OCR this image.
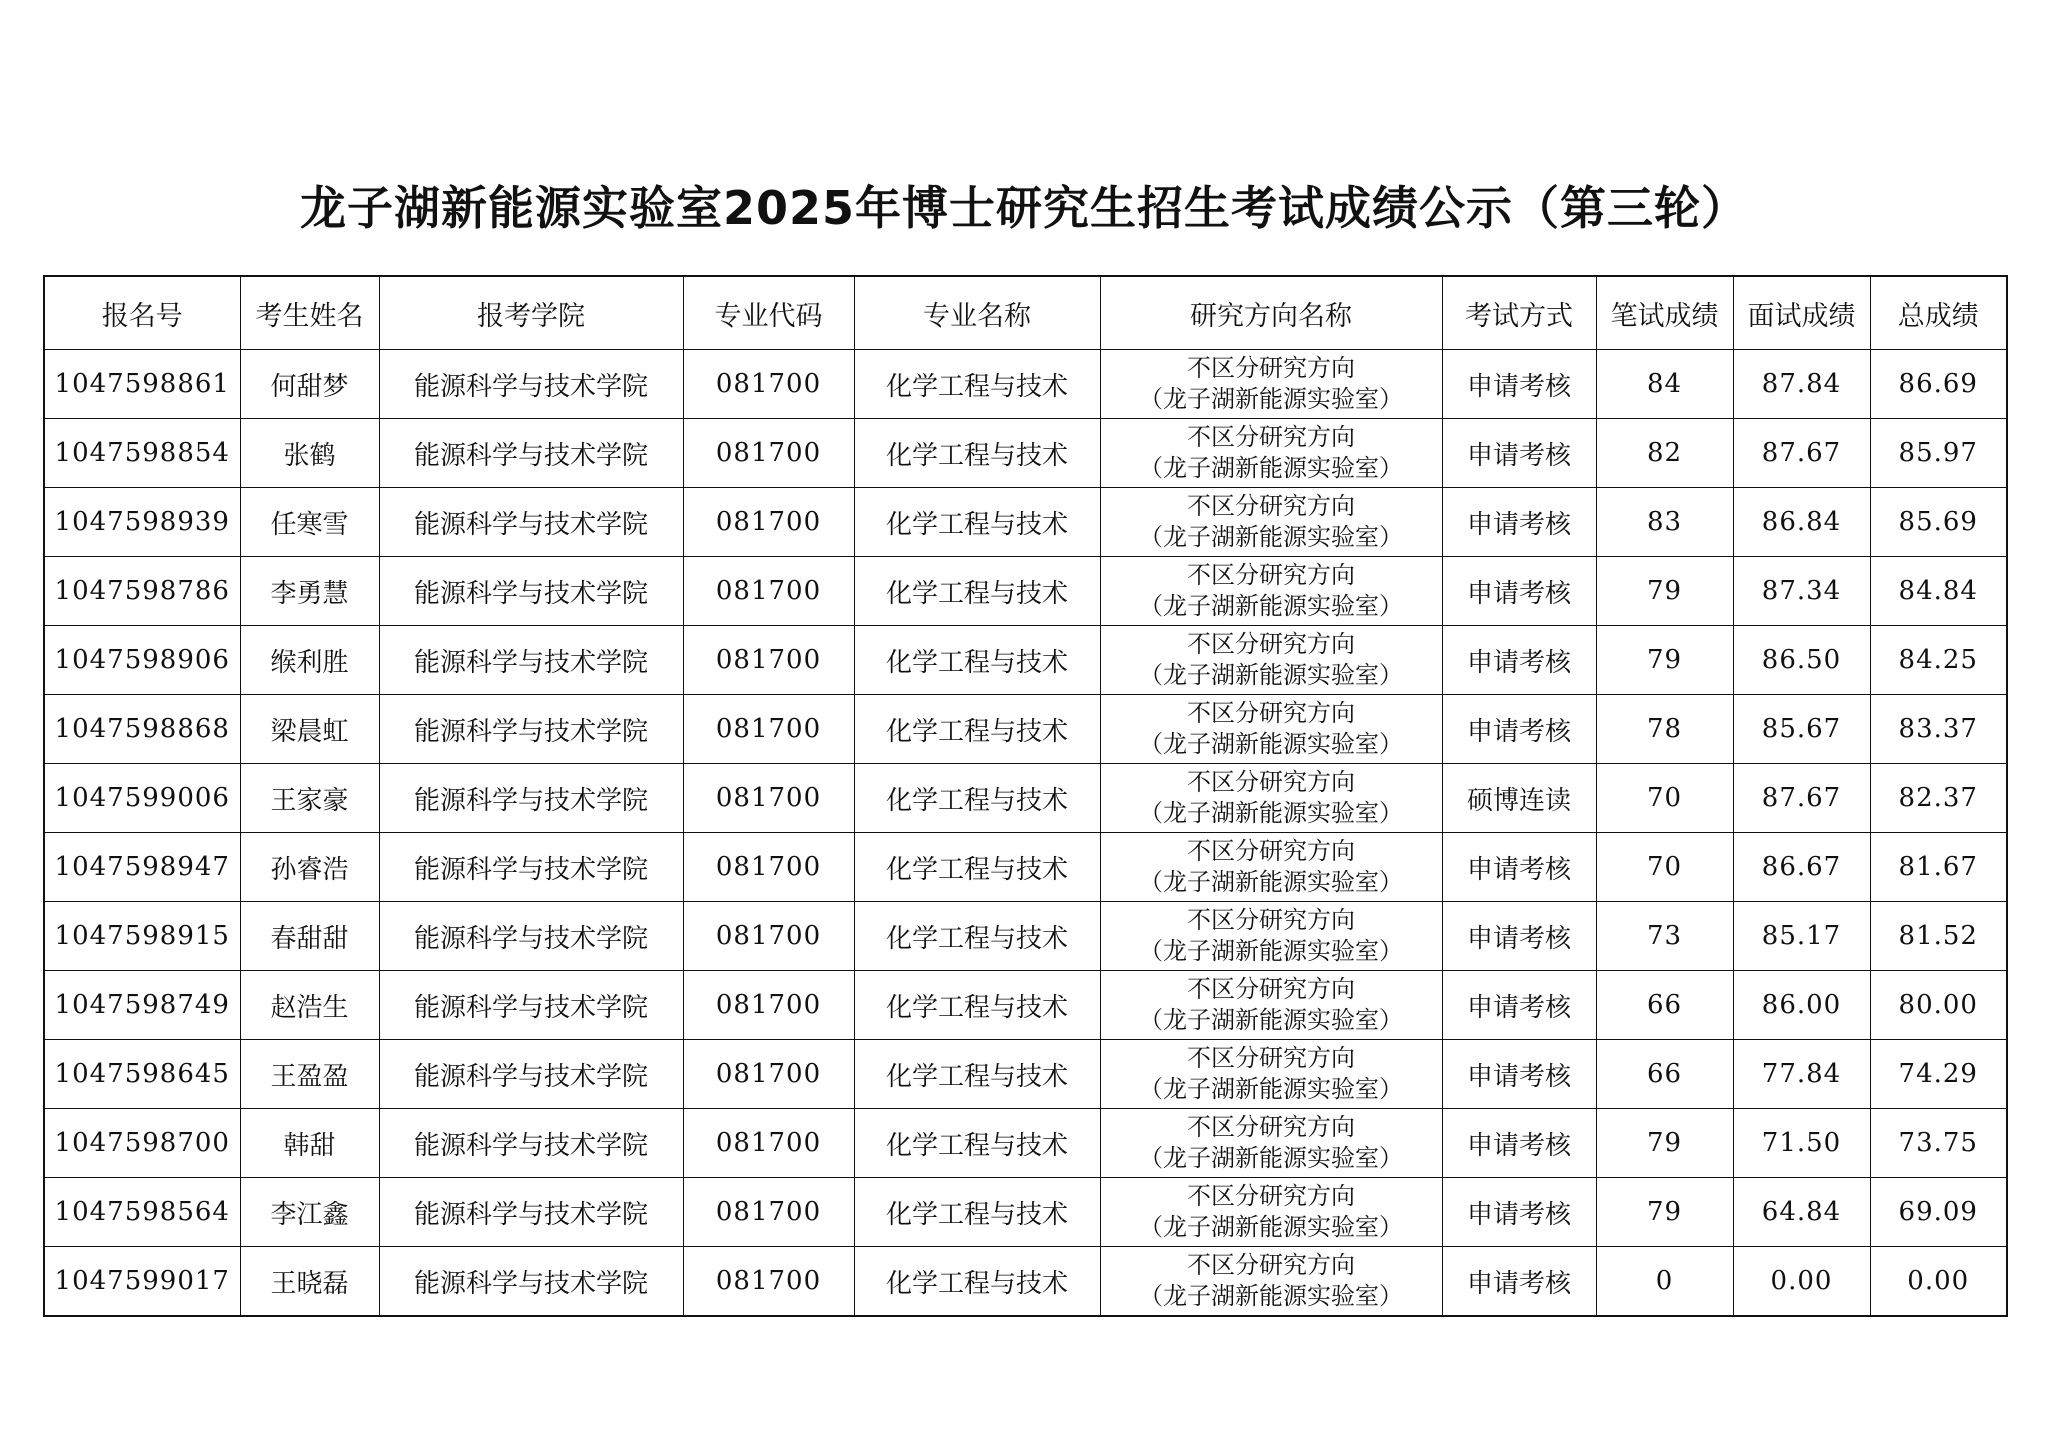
龙子湖新能源实验室2025年博士研究生招生考试成绩公示（第三轮）
报名号	考生姓名	报考学院	专业代码	专业名称	研究方向名称	考试方式	笔试成绩	面试成绩	总成绩
1047598861	何甜梦	能源科学与技术学院	081700	化学工程与技术	不区分研究方向
（龙子湖新能源实验室）	申请考核	84	87.84	86.69
1047598854	张鹤	能源科学与技术学院	081700	化学工程与技术	不区分研究方向
（龙子湖新能源实验室）	申请考核	82	87.67	85.97
1047598939	任寒雪	能源科学与技术学院	081700	化学工程与技术	不区分研究方向
（龙子湖新能源实验室）	申请考核	83	86.84	85.69
1047598786	李勇慧	能源科学与技术学院	081700	化学工程与技术	不区分研究方向
（龙子湖新能源实验室）	申请考核	79	87.34	84.84
1047598906	缑利胜	能源科学与技术学院	081700	化学工程与技术	不区分研究方向
（龙子湖新能源实验室）	申请考核	79	86.50	84.25
1047598868	梁晨虹	能源科学与技术学院	081700	化学工程与技术	不区分研究方向
（龙子湖新能源实验室）	申请考核	78	85.67	83.37
1047599006	王家豪	能源科学与技术学院	081700	化学工程与技术	不区分研究方向
（龙子湖新能源实验室）	硕博连读	70	87.67	82.37
1047598947	孙睿浩	能源科学与技术学院	081700	化学工程与技术	不区分研究方向
（龙子湖新能源实验室）	申请考核	70	86.67	81.67
1047598915	春甜甜	能源科学与技术学院	081700	化学工程与技术	不区分研究方向
（龙子湖新能源实验室）	申请考核	73	85.17	81.52
1047598749	赵浩生	能源科学与技术学院	081700	化学工程与技术	不区分研究方向
（龙子湖新能源实验室）	申请考核	66	86.00	80.00
1047598645	王盈盈	能源科学与技术学院	081700	化学工程与技术	不区分研究方向
（龙子湖新能源实验室）	申请考核	66	77.84	74.29
1047598700	韩甜	能源科学与技术学院	081700	化学工程与技术	不区分研究方向
（龙子湖新能源实验室）	申请考核	79	71.50	73.75
1047598564	李江鑫	能源科学与技术学院	081700	化学工程与技术	不区分研究方向
（龙子湖新能源实验室）	申请考核	79	64.84	69.09
1047599017	王晓磊	能源科学与技术学院	081700	化学工程与技术	不区分研究方向
（龙子湖新能源实验室）	申请考核	0	0.00	0.00
